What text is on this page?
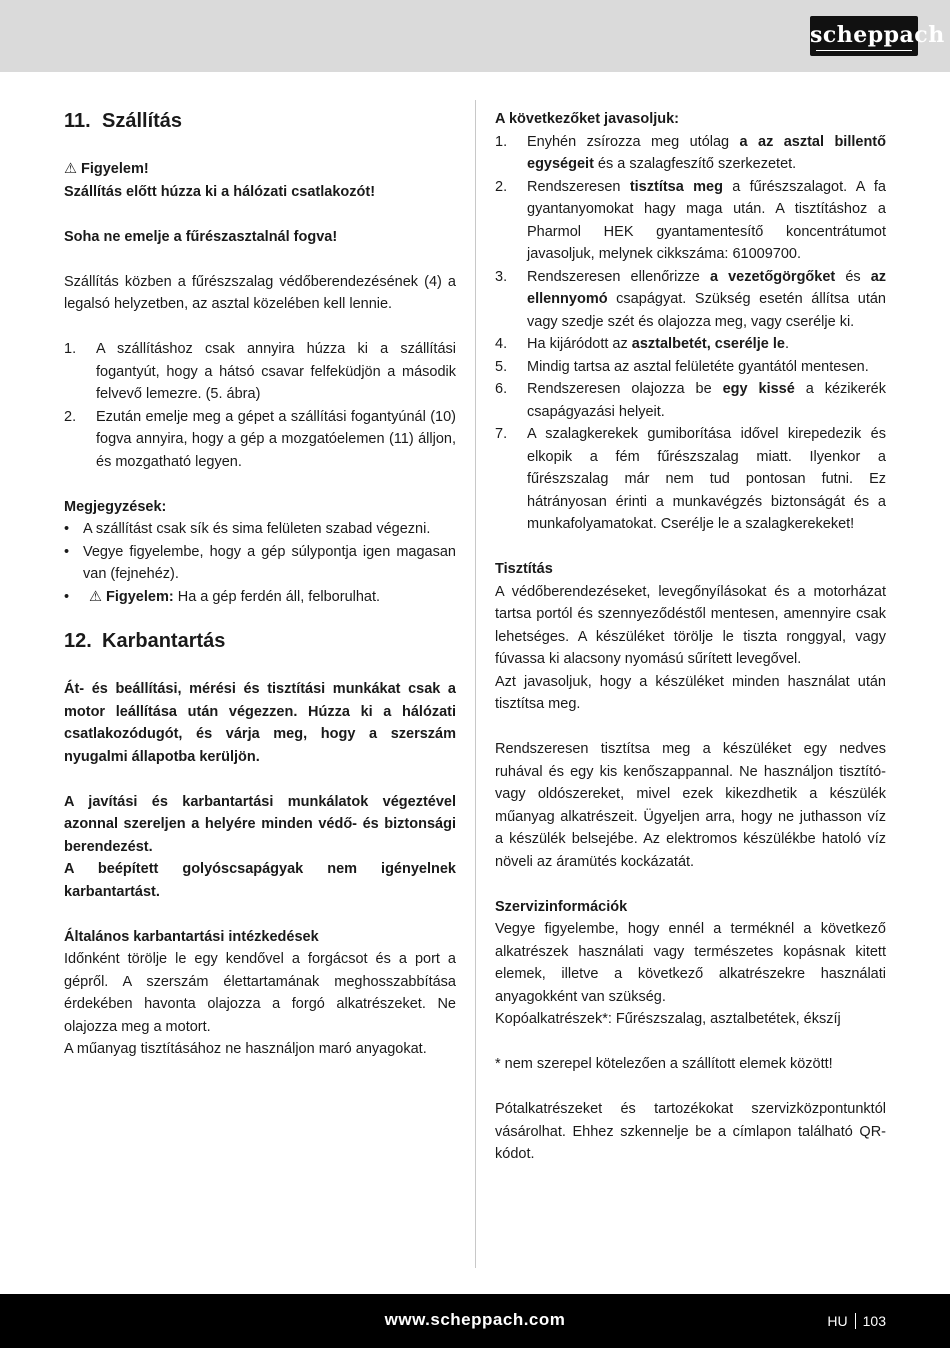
scheppach
11. Szállítás

⚠ Figyelem!

Szállítás előtt húzza ki a hálózati csatlakozót!

Soha ne emelje a fűrészasztalnál fogva!

Szállítás közben a fűrészszalag védőberendezésének (4) a legalsó helyzetben, az asztal közelében kell lennie.

1. A szállításhoz csak annyira húzza ki a szállítási fogantyút, hogy a hátsó csavar felfeküdjön a második felvevő lemezre. (5. ábra)
2. Ezután emelje meg a gépet a szállítási fogantyúnál (10) fogva annyira, hogy a gép a mozgatóelemen (11) álljon, és mozgatható legyen.

Megjegyzések:

• A szállítást csak sík és sima felületen szabad végezni.
• Vegye figyelembe, hogy a gép súlypontja igen magasan van (fejnehéz).
• ⚠ Figyelem: Ha a gép ferdén áll, felborulhat.
12. Karbantartás

Át- és beállítási, mérési és tisztítási munkákat csak a motor leállítása után végezzen. Húzza ki a hálózati csatlakozódugót, és várja meg, hogy a szerszám nyugalmi állapotba kerüljön.

A javítási és karbantartási munkálatok végeztével azonnal szereljen a helyére minden védő- és biztonsági berendezést.

A beépített golyóscsapágyak nem igényelnek karbantartást.

Általános karbantartási intézkedések

Időnként törölje le egy kendővel a forgácsot és a port a gépről. A szerszám élettartamának meghosszabbítása érdekében havonta olajozza a forgó alkatrészeket. Ne olajozza meg a motort.

A műanyag tisztításához ne használjon maró anyagokat.

A következőket javasoljuk:

1. Enyhén zsírozza meg utólag a az asztal billentő egységeit és a szalagfeszítő szerkezetet.
2. Rendszeresen tisztítsa meg a fűrészszalagot. A fa gyantanyomokat hagy maga után. A tisztításhoz a Pharmol HEK gyantamentesítő koncentrátumot javasoljuk, melynek cikkszáma: 61009700.
3. Rendszeresen ellenőrizze a vezetőgörgőket és az ellennyomó csapágyat. Szükség esetén állítsa után vagy szedje szét és olajozza meg, vagy cserélje ki.
4. Ha kijáródott az asztalbetét, cserélje le.
5. Mindig tartsa az asztal felületéte gyantától mentesen.
6. Rendszeresen olajozza be egy kissé a kézikerék csapágyazási helyeit.
7. A szalagkerekek gumiborítása idővel kirepedezik és elkopik a fém fűrészszalag miatt. Ilyenkor a fűrészszalag már nem tud pontosan futni. Ez hátrányosan érinti a munkavégzés biztonságát és a munkafolyamatokat. Cserélje le a szalagkerekeket!

Tisztítás

A védőberendezéseket, levegőnyílásokat és a motorházat tartsa portól és szennyeződéstől mentesen, amennyire csak lehetséges. A készüléket törölje le tiszta ronggyal, vagy fúvassa ki alacsony nyomású sűrített levegővel.

Azt javasoljuk, hogy a készüléket minden használat után tisztítsa meg.

Rendszeresen tisztítsa meg a készüléket egy nedves ruhával és egy kis kenőszappannal. Ne használjon tisztító- vagy oldószereket, mivel ezek kikezdhetik a készülék műanyag alkatrészeit. Ügyeljen arra, hogy ne juthasson víz a készülék belsejébe. Az elektromos készülékbe hatoló víz növeli az áramütés kockázatát.

Szervizinformációk

Vegye figyelembe, hogy ennél a terméknél a következő alkatrészek használati vagy természetes kopásnak kitett elemek, illetve a következő alkatrészekre használati anyagokként van szükség.

Kopóalkatrészek*: Fűrészszalag, asztalbetétek, ékszíj

* nem szerepel kötelezően a szállított elemek között!

Pótalkatrészeket és tartozékokat szervizközpontunktól vásárolhat. Ehhez szkennelje be a címlapon található QR-kódot.

www.scheppach.com	HU 103
